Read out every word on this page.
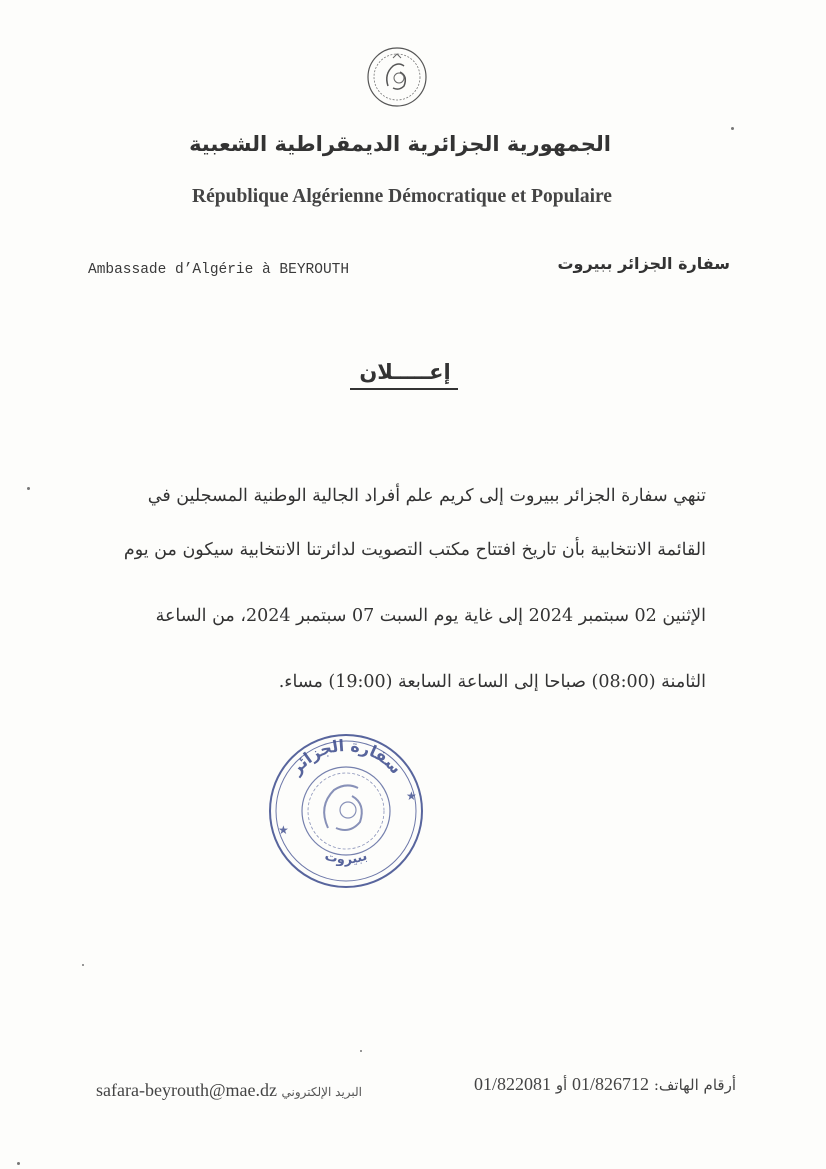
الجمهورية الجزائرية الديمقراطية الشعبية
République Algérienne Démocratique et Populaire
Ambassade d’Algérie à BEYROUTH	سفارة الجزائر ببيروت
إعـــــلان
تنهي سفارة الجزائر ببيروت إلى كريم علم أفراد الجالية الوطنية المسجلين في
القائمة الانتخابية بأن تاريخ افتتاح مكتب التصويت لدائرتنا الانتخابية سيكون من يوم
الإثنين 02 سبتمبر 2024 إلى غاية يوم السبت 07 سبتمبر 2024، من الساعة
الثامنة (08:00) صباحا إلى الساعة السابعة (19:00) مساء.
سفارة الجزائر
ببيروت
★
★
أرقام الهاتف: 01/826712 أو 01/822081
safara-beyrouth@mae.dz البريد الإلكتروني
